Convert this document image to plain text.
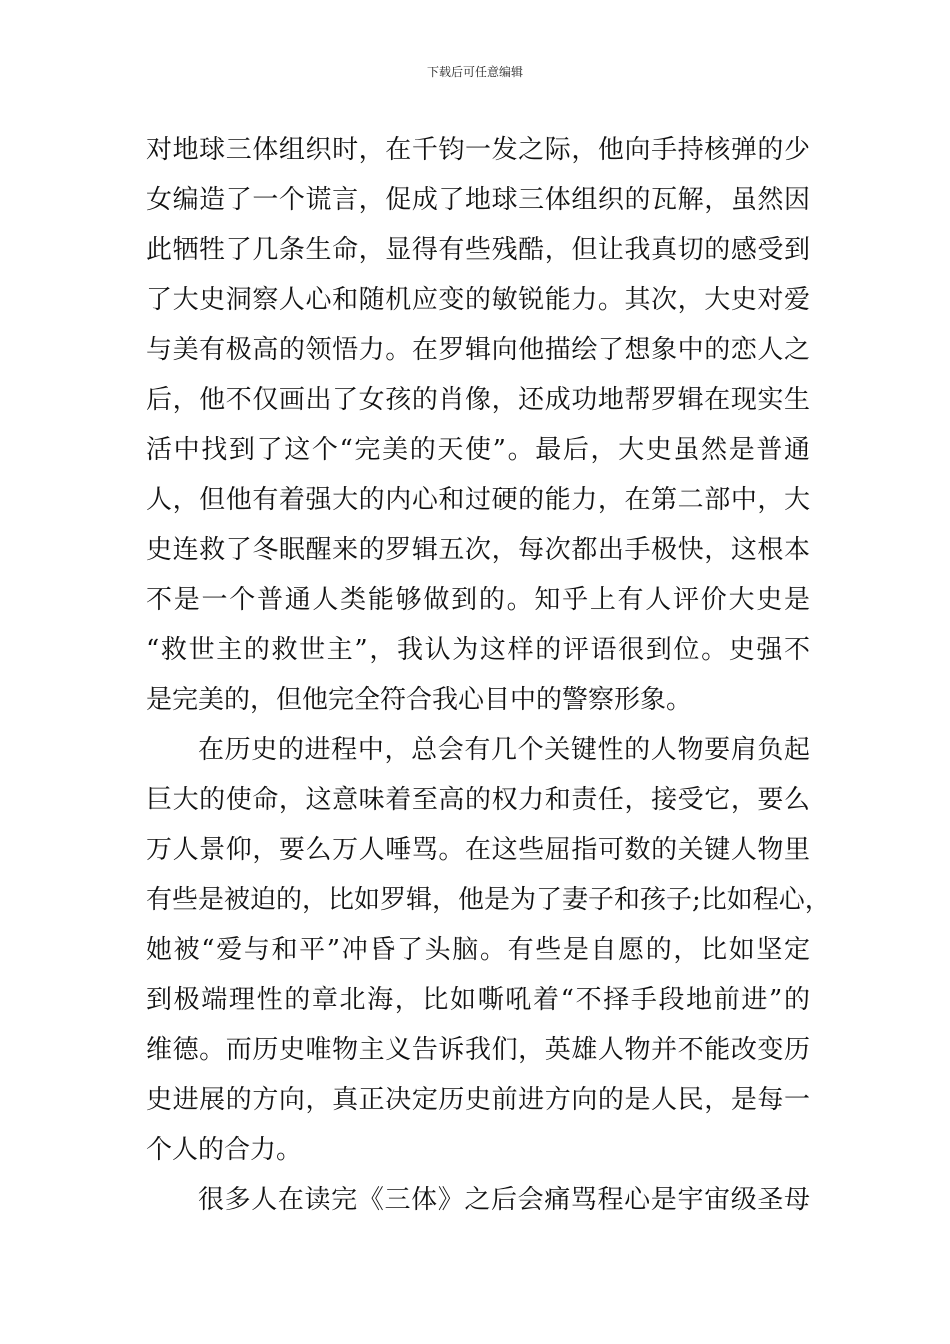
下载后可任意编辑
对地球三体组织时，在千钧一发之际，他向手持核弹的少
女编造了一个谎言，促成了地球三体组织的瓦解，虽然因
此牺牲了几条生命，显得有些残酷，但让我真切的感受到
了大史洞察人心和随机应变的敏锐能力。其次，大史对爱
与美有极高的领悟力。在罗辑向他描绘了想象中的恋人之
后，他不仅画出了女孩的肖像，还成功地帮罗辑在现实生
活中找到了这个“完美的天使”。最后，大史虽然是普通
人，但他有着强大的内心和过硬的能力，在第二部中，大
史连救了冬眠醒来的罗辑五次，每次都出手极快，这根本
不是一个普通人类能够做到的。知乎上有人评价大史是
“救世主的救世主”，我认为这样的评语很到位。史强不
是完美的，但他完全符合我心目中的警察形象。
在历史的进程中，总会有几个关键性的人物要肩负起
巨大的使命，这意味着至高的权力和责任，接受它，要么
万人景仰，要么万人唾骂。在这些屈指可数的关键人物里
有些是被迫的，比如罗辑，他是为了妻子和孩子;比如程心，
她被“爱与和平”冲昏了头脑。有些是自愿的，比如坚定
到极端理性的章北海，比如嘶吼着“不择手段地前进”的
维德。而历史唯物主义告诉我们，英雄人物并不能改变历
史进展的方向，真正决定历史前进方向的是人民，是每一
个人的合力。
很多人在读完《三体》之后会痛骂程心是宇宙级圣母
